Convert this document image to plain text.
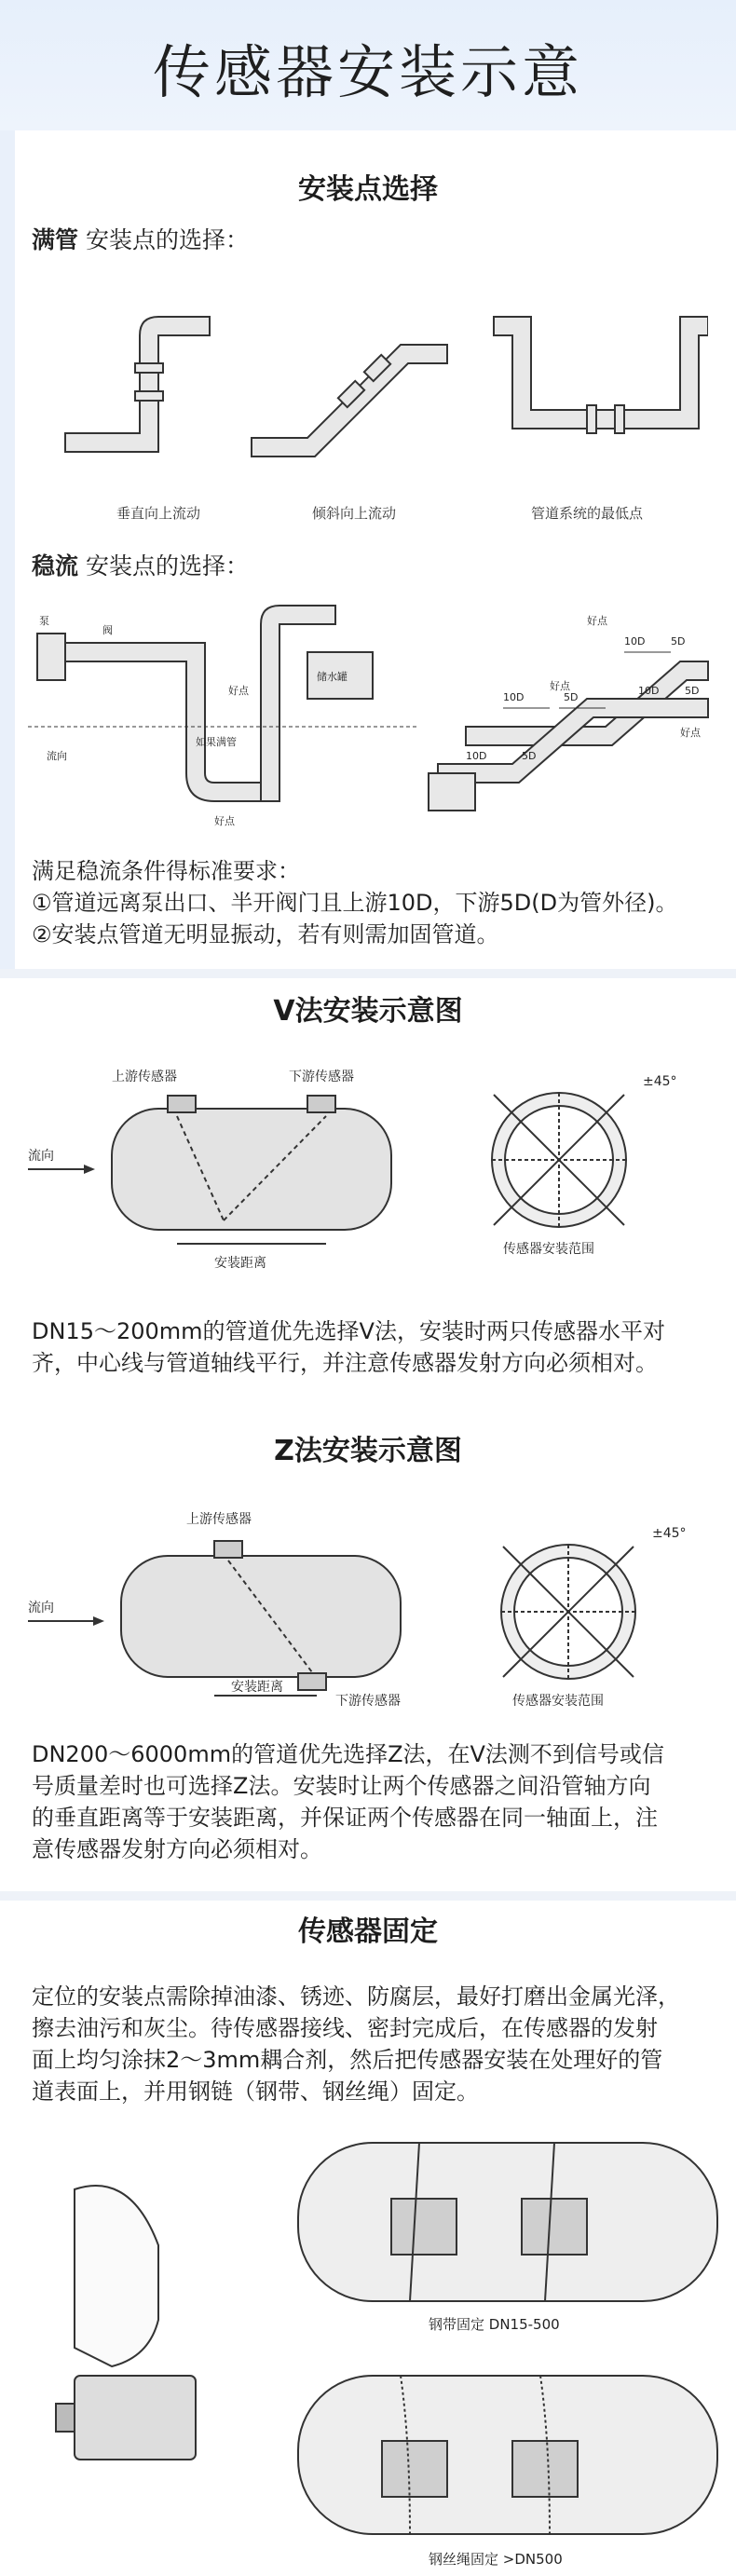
传感器安装示意
安装点选择
满管 安装点的选择：
垂直向上流动	倾斜向上流动	管道系统的最低点
稳流 安装点的选择：
泵
阀
流向
好点
好点
储水罐
如果满管
10D	5D
10D	5D
好点
好点
好点
10D	5D
10D	5D
满足稳流条件得标准要求：
①管道远离泵出口、半开阀门且上游10D，下游5D(D为管外径)。
②安装点管道无明显振动，若有则需加固管道。
V法安装示意图
上游传感器	下游传感器
流向
安装距离
±45°
传感器安装范围
DN15～200mm的管道优先选择V法，安装时两只传感器水平对
齐，中心线与管道轴线平行，并注意传感器发射方向必须相对。
Z法安装示意图
上游传感器
下游传感器
流向
安装距离
±45°
传感器安装范围
DN200～6000mm的管道优先选择Z法，在V法测不到信号或信
号质量差时也可选择Z法。安装时让两个传感器之间沿管轴方向
的垂直距离等于安装距离，并保证两个传感器在同一轴面上，注
意传感器发射方向必须相对。
传感器固定
定位的安装点需除掉油漆、锈迹、防腐层，最好打磨出金属光泽，
擦去油污和灰尘。待传感器接线、密封完成后，在传感器的发射
面上均匀涂抹2～3mm耦合剂，然后把传感器安装在处理好的管
道表面上，并用钢链（钢带、钢丝绳）固定。
钢带固定 DN15-500
钢丝绳固定 >DN500
